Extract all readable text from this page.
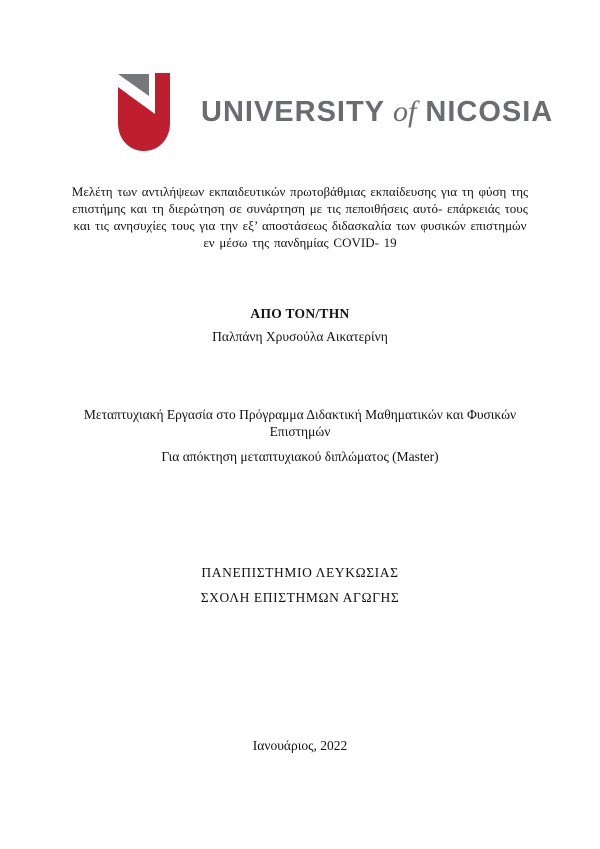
UNIVERSITY of NICOSIA
Μελέτη των αντιλήψεων εκπαιδευτικών πρωτοβάθμιας εκπαίδευσης για τη φύση της
επιστήμης και τη διερώτηση σε συνάρτηση με τις πεποιθήσεις αυτό- επάρκειάς τους
και τις ανησυχίες τους για την εξ’ αποστάσεως διδασκαλία των φυσικών επιστημών
εν μέσω της πανδημίας COVID- 19
ΑΠΟ ΤΟΝ/ΤΗΝ
Παλπάνη Χρυσούλα Αικατερίνη
Μεταπτυχιακή Εργασία στο Πρόγραμμα Διδακτική Μαθηματικών και Φυσικών
Επιστημών
Για απόκτηση μεταπτυχιακού διπλώματος (Master)
ΠΑΝΕΠΙΣΤΗΜΙΟ ΛΕΥΚΩΣΙΑΣ
ΣΧΟΛΗ ΕΠΙΣΤΗΜΩΝ ΑΓΩΓΗΣ
Ιανουάριος, 2022
